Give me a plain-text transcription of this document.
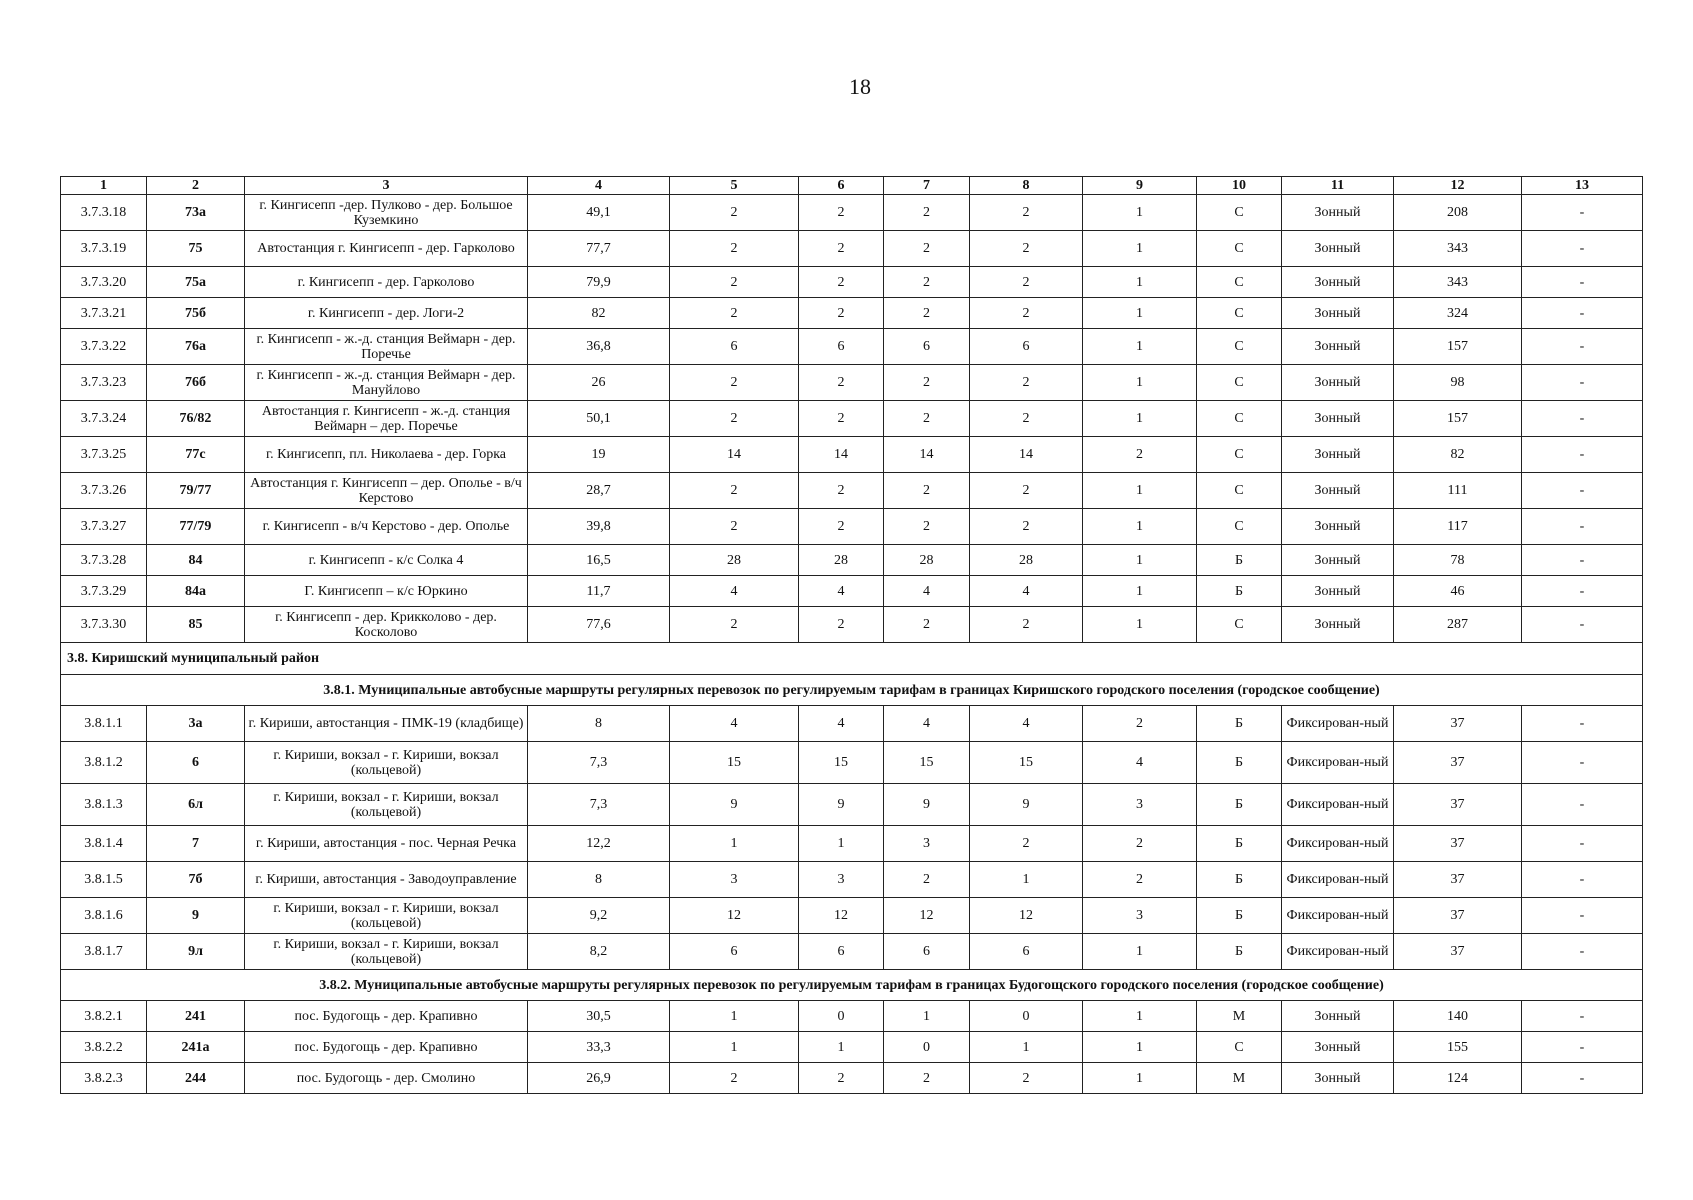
18
1	2	3	4	5	6	7	8	9	10	11	12	13
3.7.3.18	73а	г. Кингисепп -дер. Пулково - дер. Большое Куземкино	49,1	2	2	2	2	1	С	Зонный	208	-
3.7.3.19	75	Автостанция г. Кингисепп - дер. Гарколово	77,7	2	2	2	2	1	С	Зонный	343	-
3.7.3.20	75а	г. Кингисепп - дер. Гарколово	79,9	2	2	2	2	1	С	Зонный	343	-
3.7.3.21	75б	г. Кингисепп - дер. Логи-2	82	2	2	2	2	1	С	Зонный	324	-
3.7.3.22	76а	г. Кингисепп - ж.-д. станция Веймарн - дер. Поречье	36,8	6	6	6	6	1	С	Зонный	157	-
3.7.3.23	76б	г. Кингисепп - ж.-д. станция Веймарн - дер. Мануйлово	26	2	2	2	2	1	С	Зонный	98	-
3.7.3.24	76/82	Автостанция г. Кингисепп - ж.-д. станция Веймарн – дер. Поречье	50,1	2	2	2	2	1	С	Зонный	157	-
3.7.3.25	77с	г. Кингисепп, пл. Николаева - дер. Горка	19	14	14	14	14	2	С	Зонный	82	-
3.7.3.26	79/77	Автостанция г. Кингисепп – дер. Ополье - в/ч Керстово	28,7	2	2	2	2	1	С	Зонный	111	-
3.7.3.27	77/79	г. Кингисепп - в/ч Керстово - дер. Ополье	39,8	2	2	2	2	1	С	Зонный	117	-
3.7.3.28	84	г. Кингисепп - к/с Солка 4	16,5	28	28	28	28	1	Б	Зонный	78	-
3.7.3.29	84а	Г. Кингисепп – к/с Юркино	11,7	4	4	4	4	1	Б	Зонный	46	-
3.7.3.30	85	г. Кингисепп - дер. Крикколово - дер. Косколово	77,6	2	2	2	2	1	С	Зонный	287	-
3.8. Киришский муниципальный район												
3.8.1. Муниципальные автобусные маршруты регулярных перевозок по регулируемым тарифам в границах Киришского городского поселения (городское сообщение)												
3.8.1.1	3а	г. Кириши, автостанция - ПМК-19 (кладбище)	8	4	4	4	4	2	Б	Фиксирован-ный	37	-
3.8.1.2	6	г. Кириши, вокзал - г. Кириши, вокзал (кольцевой)	7,3	15	15	15	15	4	Б	Фиксирован-ный	37	-
3.8.1.3	6л	г. Кириши, вокзал - г. Кириши, вокзал (кольцевой)	7,3	9	9	9	9	3	Б	Фиксирован-ный	37	-
3.8.1.4	7	г. Кириши, автостанция - пос. Черная Речка	12,2	1	1	3	2	2	Б	Фиксирован-ный	37	-
3.8.1.5	7б	г. Кириши, автостанция - Заводоуправление	8	3	3	2	1	2	Б	Фиксирован-ный	37	-
3.8.1.6	9	г. Кириши, вокзал - г. Кириши, вокзал (кольцевой)	9,2	12	12	12	12	3	Б	Фиксирован-ный	37	-
3.8.1.7	9л	г. Кириши, вокзал - г. Кириши, вокзал (кольцевой)	8,2	6	6	6	6	1	Б	Фиксирован-ный	37	-
3.8.2. Муниципальные автобусные маршруты регулярных перевозок по регулируемым тарифам в границах Будогощского городского поселения (городское сообщение)												
3.8.2.1	241	пос. Будогощь - дер. Крапивно	30,5	1	0	1	0	1	М	Зонный	140	-
3.8.2.2	241а	пос. Будогощь - дер. Крапивно	33,3	1	1	0	1	1	С	Зонный	155	-
3.8.2.3	244	пос. Будогощь - дер. Смолино	26,9	2	2	2	2	1	М	Зонный	124	-
